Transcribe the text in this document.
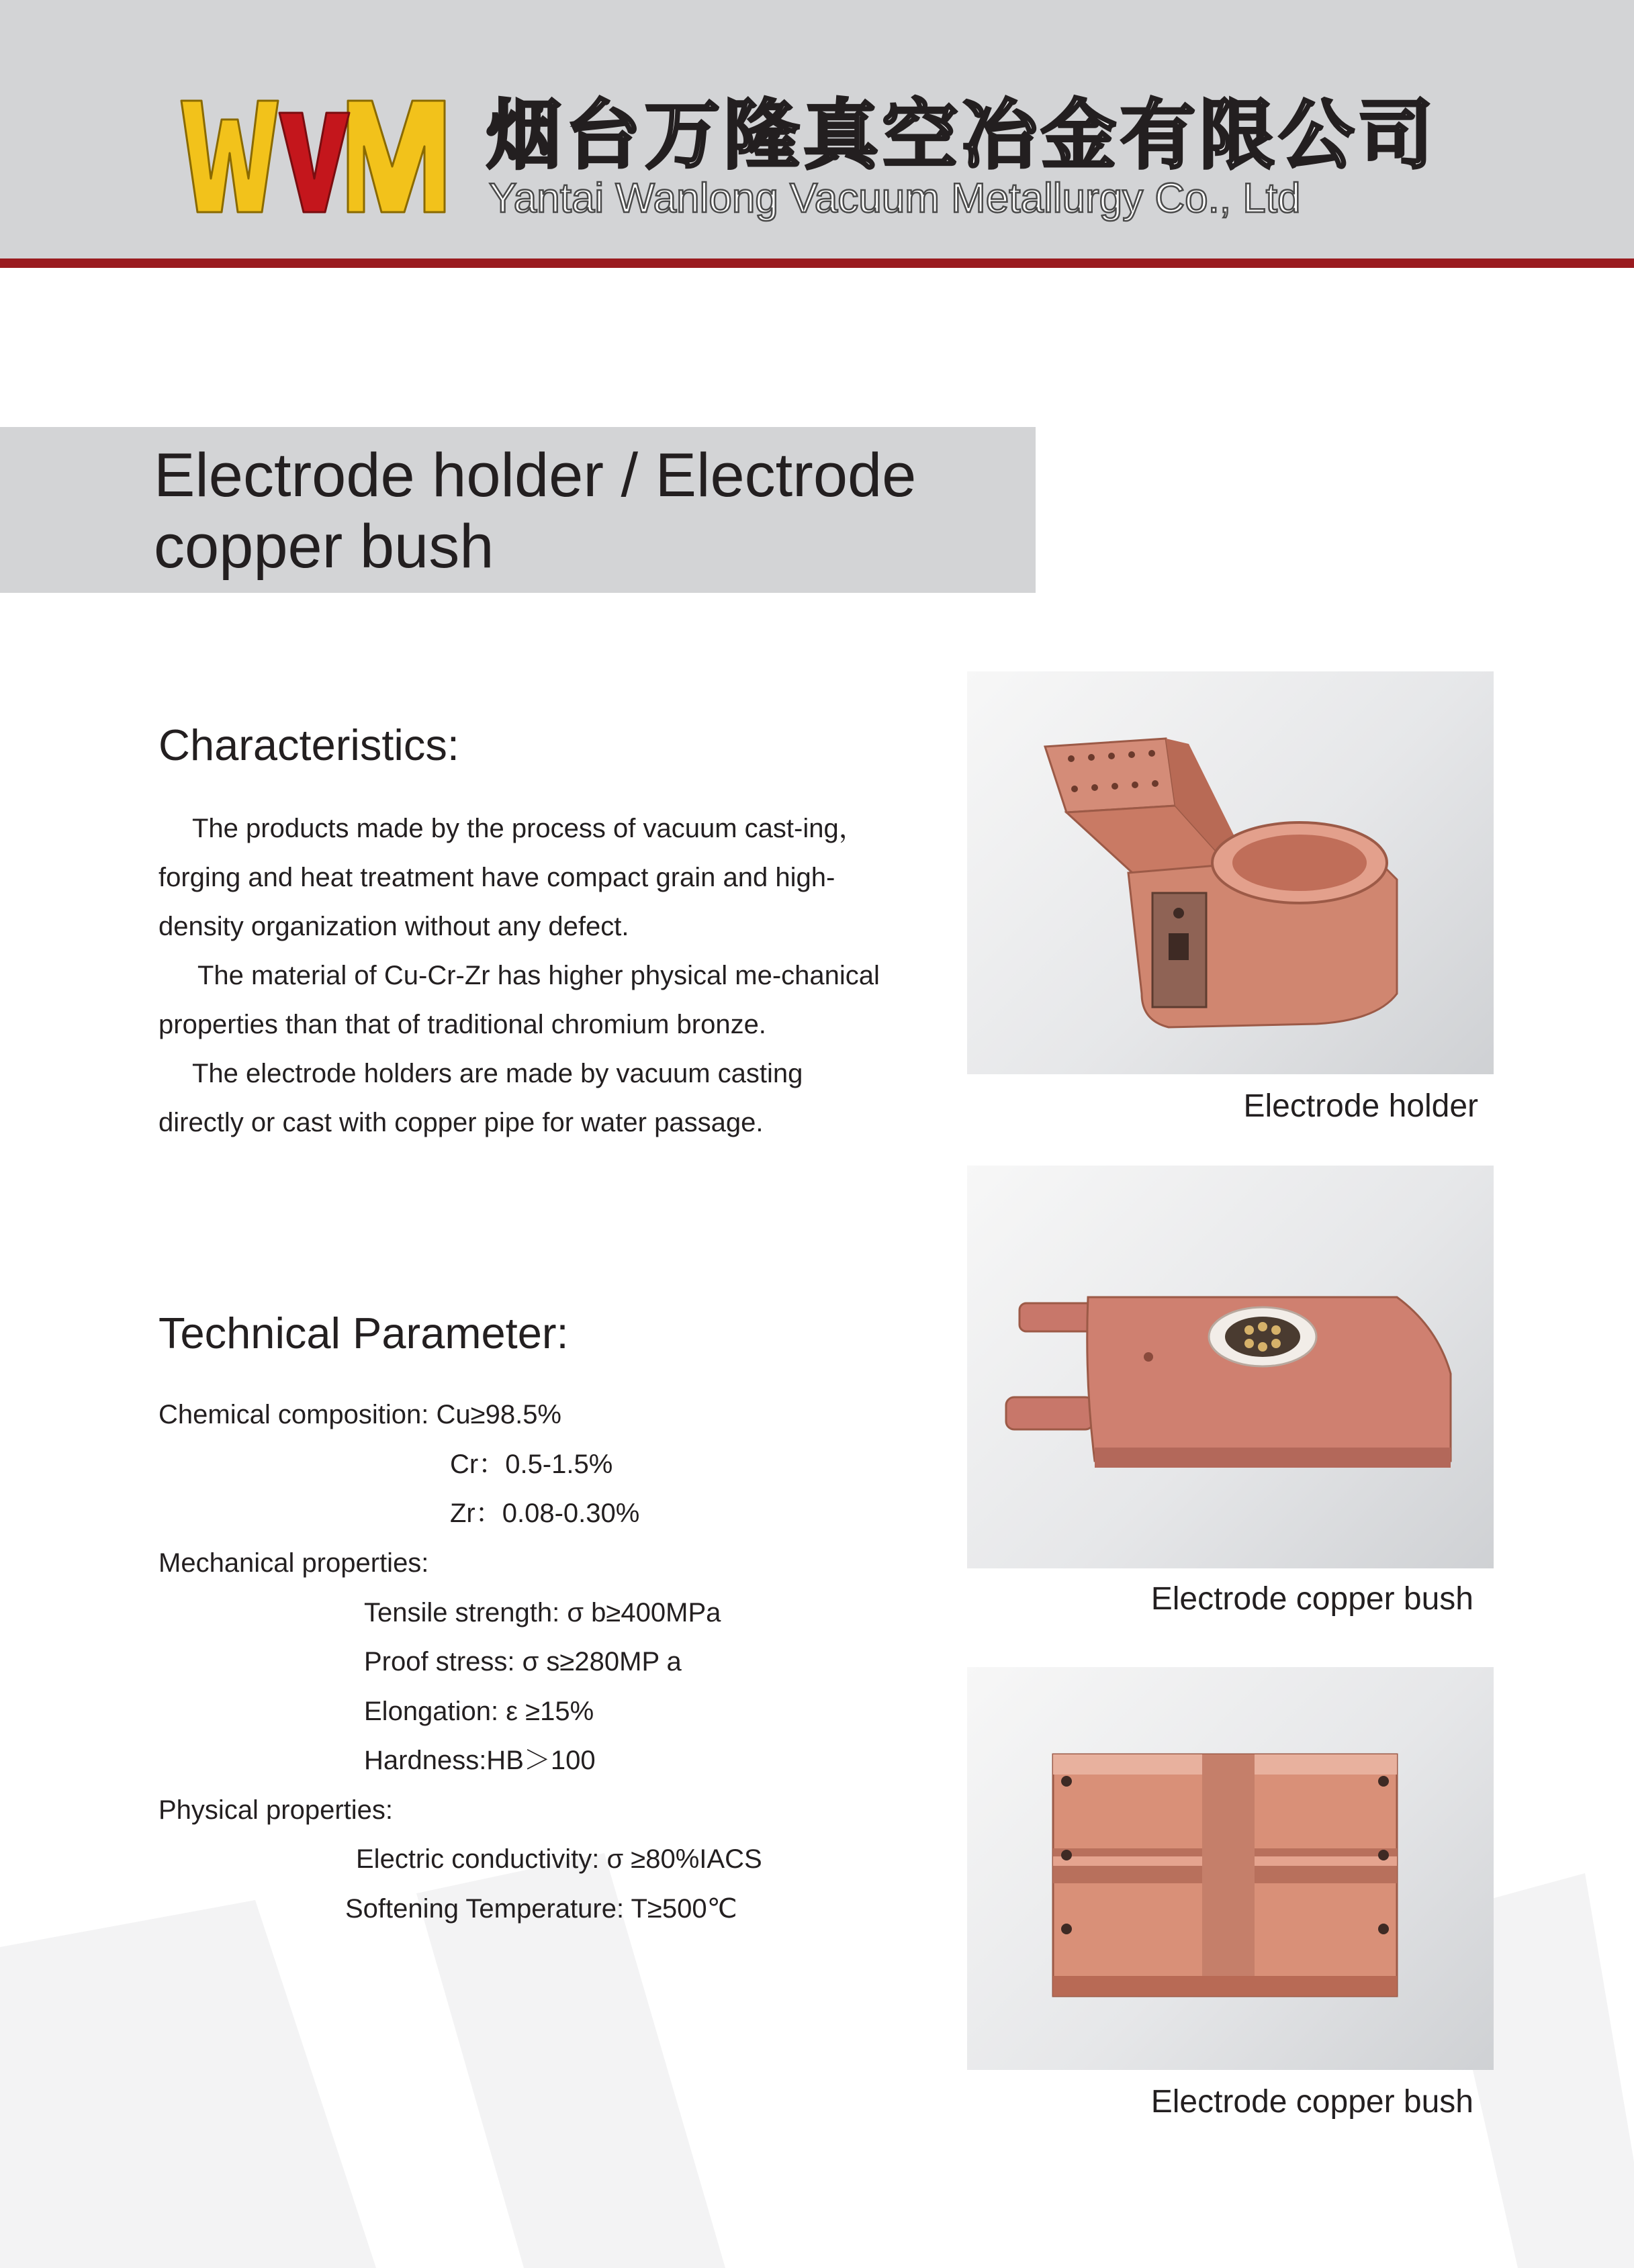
烟台万隆真空冶金有限公司
Yantai Wanlong Vacuum Metallurgy Co., Ltd
Electrode holder / Electrode
copper bush
Characteristics:

The products made by the process of vacuum cast-ing，forging and heat treatment have compact grain and high-density organization without any defect.

The material of Cu-Cr-Zr has higher physical me-chanical properties than that of traditional chromium bronze.

The electrode holders are made by vacuum casting directly or cast with copper pipe for water passage.

Technical Parameter:
Chemical composition: Cu≥98.5%
Cr：0.5-1.5%
Zr：0.08-0.30%
Mechanical properties:
Tensile strength: σ b≥400MPa
Proof stress: σ s≥280MP a
Elongation: ε ≥15%
Hardness:HB＞100
Physical properties:
Electric conductivity: σ ≥80%IACS
Softening Temperature: T≥500℃
Electrode holder
Electrode copper bush
Electrode copper bush
